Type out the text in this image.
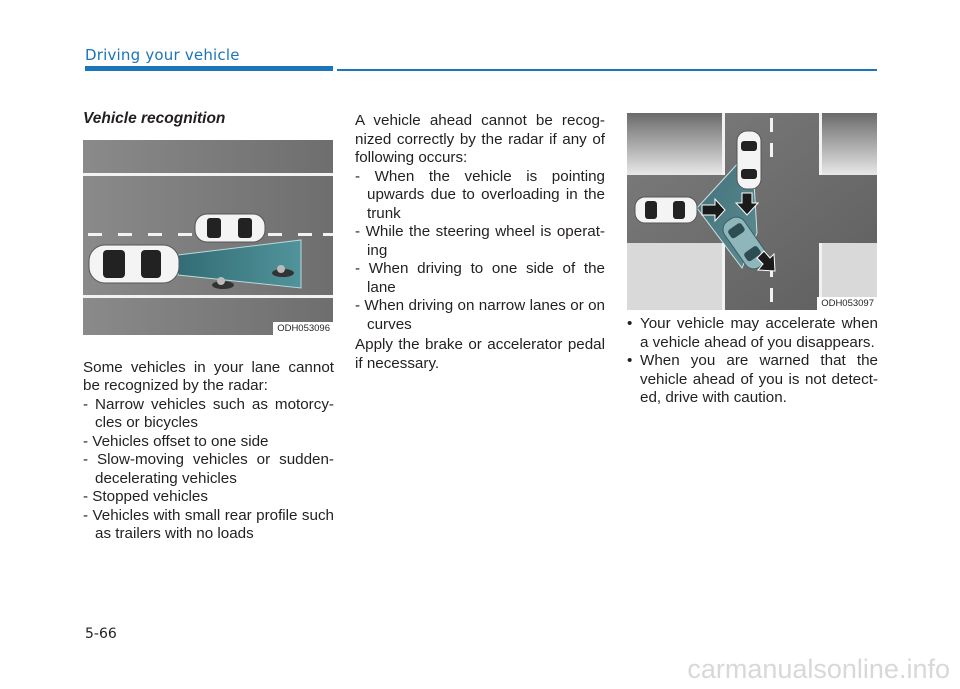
Driving your vehicle
Vehicle recognition

Some vehicles in your lane cannot be recognized by the radar:

- Narrow vehicles such as motorcy-cles or bicycles

- Vehicles offset to one side

- Slow-moving vehicles or sudden-decelerating vehicles

- Stopped vehicles

- Vehicles with small rear profile such as trailers with no loads

ODH053096

A vehicle ahead cannot be recog-nized correctly by the radar if any of following occurs:

- When the vehicle is pointing upwards due to overloading in the trunk

- While the steering wheel is operat-ing

- When driving to one side of the lane

- When driving on narrow lanes or on curves

Apply the brake or accelerator pedal if necessary.

ODH053097

• Your vehicle may accelerate when a vehicle ahead of you disappears.

• When you are warned that the vehicle ahead of you is not detect-ed, drive with caution.

5-66
carmanualsonline.info
